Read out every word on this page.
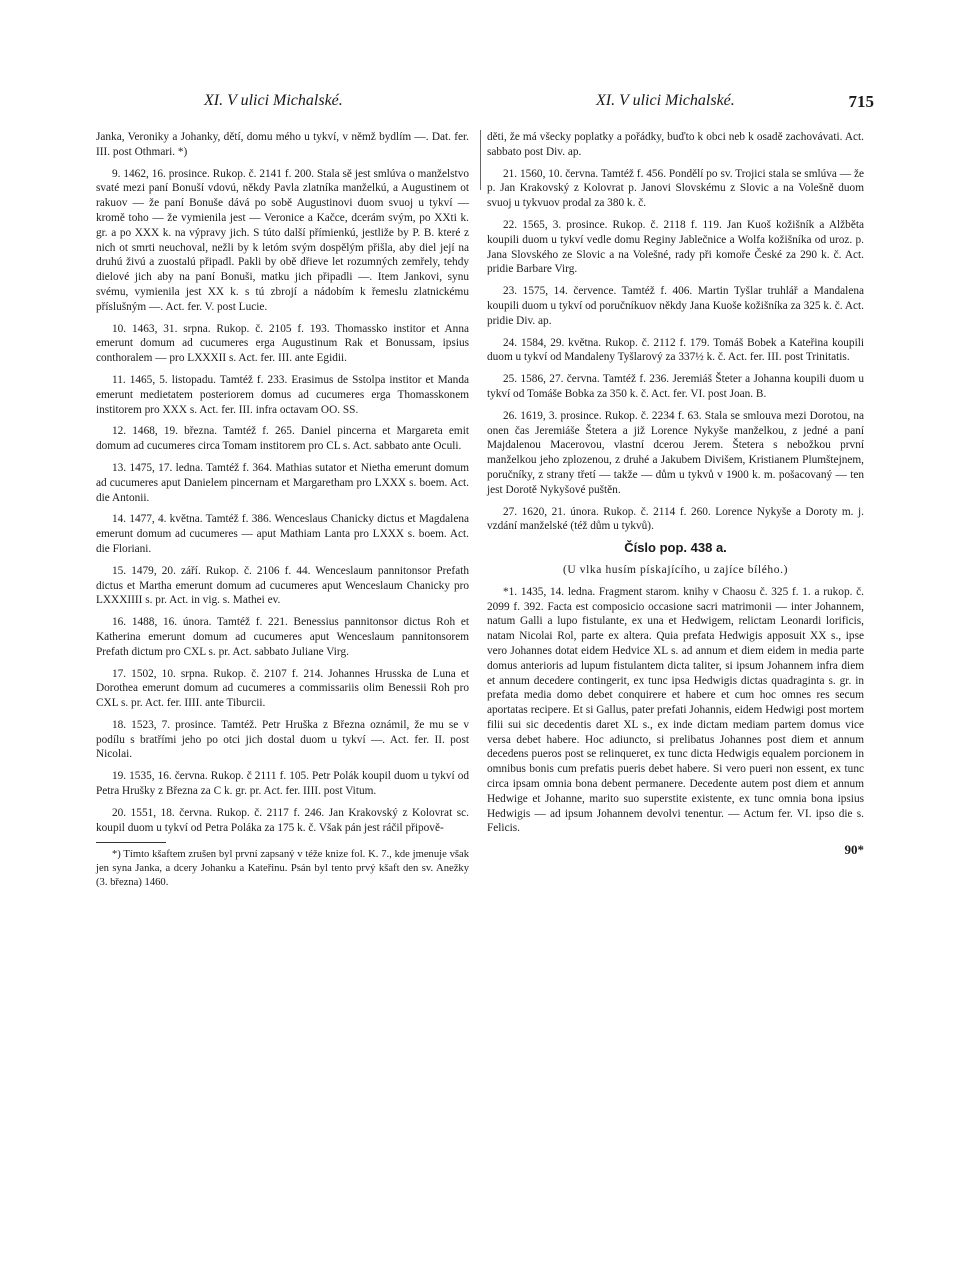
XI. V ulici Michalské.	XI. V ulici Michalské.	715

Janka, Veroniky a Johanky, dětí, domu mého u tykví, v němž bydlím —. Dat. fer. III. post Othmari. *)

9. 1462, 16. prosince. Rukop. č. 2141 f. 200. Stala sě jest smlúva o manželstvo svaté mezi paní Bonuší vdovú, někdy Pavla zlatníka manželkú, a Augustinem ot rakuov — že paní Bonuše dává po sobě Augustinovi duom svuoj u tykví — kromě toho — že vymienila jest — Veronice a Kačce, dcerám svým, po XXti k. gr. a po XXX k. na výpravy jich. S túto další přímienkú, jestliže by P. B. které z nich ot smrti neuchoval, nežli by k letóm svým dospělým přišla, aby diel její na druhú živú a zuostalú připadl. Pakli by obě dřieve let rozumných zemřely, tehdy dielové jich aby na paní Bonuši, matku jich připadli —. Item Jankovi, synu svému, vymienila jest XX k. s tú zbrojí a nádobím k řemeslu zlatnickému příslušným —. Act. fer. V. post Lucie.

10. 1463, 31. srpna. Rukop. č. 2105 f. 193. Thomassko institor et Anna emerunt domum ad cucumeres erga Augustinum Rak et Bonussam, ipsius conthoralem — pro LXXXII s. Act. fer. III. ante Egidii.

11. 1465, 5. listopadu. Tamtéž f. 233. Erasimus de Sstolpa institor et Manda emerunt medietatem posteriorem domus ad cucumeres erga Thomasskonem institorem pro XXX s. Act. fer. III. infra octavam OO. SS.

12. 1468, 19. března. Tamtéž f. 265. Daniel pincerna et Margareta emit domum ad cucumeres circa Tomam institorem pro CL s. Act. sabbato ante Oculi.

13. 1475, 17. ledna. Tamtéž f. 364. Mathias sutator et Nietha emerunt domum ad cucumeres aput Danielem pincernam et Margaretham pro LXXX s. boem. Act. die Antonii.

14. 1477, 4. května. Tamtéž f. 386. Wenceslaus Chanicky dictus et Magdalena emerunt domum ad cucumeres — aput Mathiam Lanta pro LXXX s. boem. Act. die Floriani.

15. 1479, 20. září. Rukop. č. 2106 f. 44. Wenceslaum pannitonsor Prefath dictus et Martha emerunt domum ad cucumeres aput Wenceslaum Chanicky pro LXXXIIII s. pr. Act. in vig. s. Mathei ev.

16. 1488, 16. února. Tamtéž f. 221. Benessius pannitonsor dictus Roh et Katherina emerunt domum ad cucumeres aput Wenceslaum pannitonsorem Prefath dictum pro CXL s. pr. Act. sabbato Juliane Virg.

17. 1502, 10. srpna. Rukop. č. 2107 f. 214. Johannes Hrusska de Luna et Dorothea emerunt domum ad cucumeres a commissariis olim Benessii Roh pro CXL s. pr. Act. fer. IIII. ante Tiburcii.

18. 1523, 7. prosince. Tamtéž. Petr Hruška z Března oznámil, že mu se v podílu s bratřími jeho po otci jich dostal duom u tykví —. Act. fer. II. post Nicolai.

19. 1535, 16. června. Rukop. č 2111 f. 105. Petr Polák koupil duom u tykví od Petra Hrušky z Března za C k. gr. pr. Act. fer. IIII. post Vitum.

20. 1551, 18. června. Rukop. č. 2117 f. 246. Jan Krakovský z Kolovrat sc. koupil duom u tykví od Petra Poláka za 175 k. č. Však pán jest ráčil připově-

*) Tímto kšaftem zrušen byl první zapsaný v téže knize fol. K. 7., kde jmenuje však jen syna Janka, a dcery Johanku a Kateřinu. Psán byl tento prvý kšaft den sv. Anežky (3. března) 1460.

děti, že má všecky poplatky a pořádky, buďto k obci neb k osadě zachovávati. Act. sabbato post Div. ap.

21. 1560, 10. června. Tamtéž f. 456. Pondělí po sv. Trojici stala se smlúva — že p. Jan Krakovský z Kolovrat p. Janovi Slovskému z Slovic a na Volešně duom svuoj u tykvuov prodal za 380 k. č.

22. 1565, 3. prosince. Rukop. č. 2118 f. 119. Jan Kuoš kožišník a Alžběta koupili duom u tykví vedle domu Reginy Jablečnice a Wolfa kožišníka od uroz. p. Jana Slovského ze Slovic a na Volešné, rady při komoře České za 290 k. č. Act. pridie Barbare Virg.

23. 1575, 14. července. Tamtéž f. 406. Martin Tyšlar truhlář a Mandalena koupili duom u tykví od poručníkuov někdy Jana Kuoše kožišníka za 325 k. č. Act. pridie Div. ap.

24. 1584, 29. května. Rukop. č. 2112 f. 179. Tomáš Bobek a Kateřina koupili duom u tykví od Mandaleny Tyšlarový za 337½ k. č. Act. fer. III. post Trinitatis.

25. 1586, 27. června. Tamtéž f. 236. Jeremiáš Šteter a Johanna koupili duom u tykví od Tomáše Bobka za 350 k. č. Act. fer. VI. post Joan. B.

26. 1619, 3. prosince. Rukop. č. 2234 f. 63. Stala se smlouva mezi Dorotou, na onen čas Jeremiáše Štetera a již Lorence Nykyše manželkou, z jedné a paní Majdalenou Macerovou, vlastní dcerou Jerem. Štetera s nebožkou první manželkou jeho zplozenou, z druhé a Jakubem Divišem, Kristianem Plumštejnem, poručníky, z strany třetí — takže — dům u tykvů v 1900 k. m. pošacovaný — ten jest Dorotě Nykyšové puštěn.

27. 1620, 21. února. Rukop. č. 2114 f. 260. Lorence Nykyše a Doroty m. j. vzdání manželské (též dům u tykvů).

Číslo pop. 438 a.

(U vlka husím pískajícího, u zajíce bílého.)

*1. 1435, 14. ledna. Fragment starom. knihy v Chaosu č. 325 f. 1. a rukop. č. 2099 f. 392. Facta est composicio occasione sacri matrimonii — inter Johannem, natum Galli a lupo fistulante, ex una et Hedwigem, relictam Leonardi lorificis, natam Nicolai Rol, parte ex altera. Quia prefata Hedwigis apposuit XX s., ipse vero Johannes dotat eidem Hedvice XL s. ad annum et diem eidem in media parte domus anterioris ad lupum fistulantem dicta taliter, si ipsum Johannem infra diem et annum decedere contingerit, ex tunc ipsa Hedwigis dictas quadraginta s. gr. in prefata media domo debet conquirere et habere et cum hoc omnes res secum aportatas recipere. Et si Gallus, pater prefati Johannis, eidem Hedwigi post mortem filii sui sic decedentis daret XL s., ex inde dictam mediam partem domus vice versa debet habere. Hoc adiuncto, si prelibatus Johannes post diem et annum decedens pueros post se relinqueret, ex tunc dicta Hedwigis equalem porcionem in omnibus bonis cum prefatis pueris debet habere. Si vero pueri non essent, ex tunc circa ipsam omnia bona debent permanere. Decedente autem post diem et annum Hedwige et Johanne, marito suo superstite existente, ex tunc omnia bona ipsius Hedwigis — ad ipsum Johannem devolvi tenentur. — Actum fer. VI. ipso die s. Felicis.

90*
